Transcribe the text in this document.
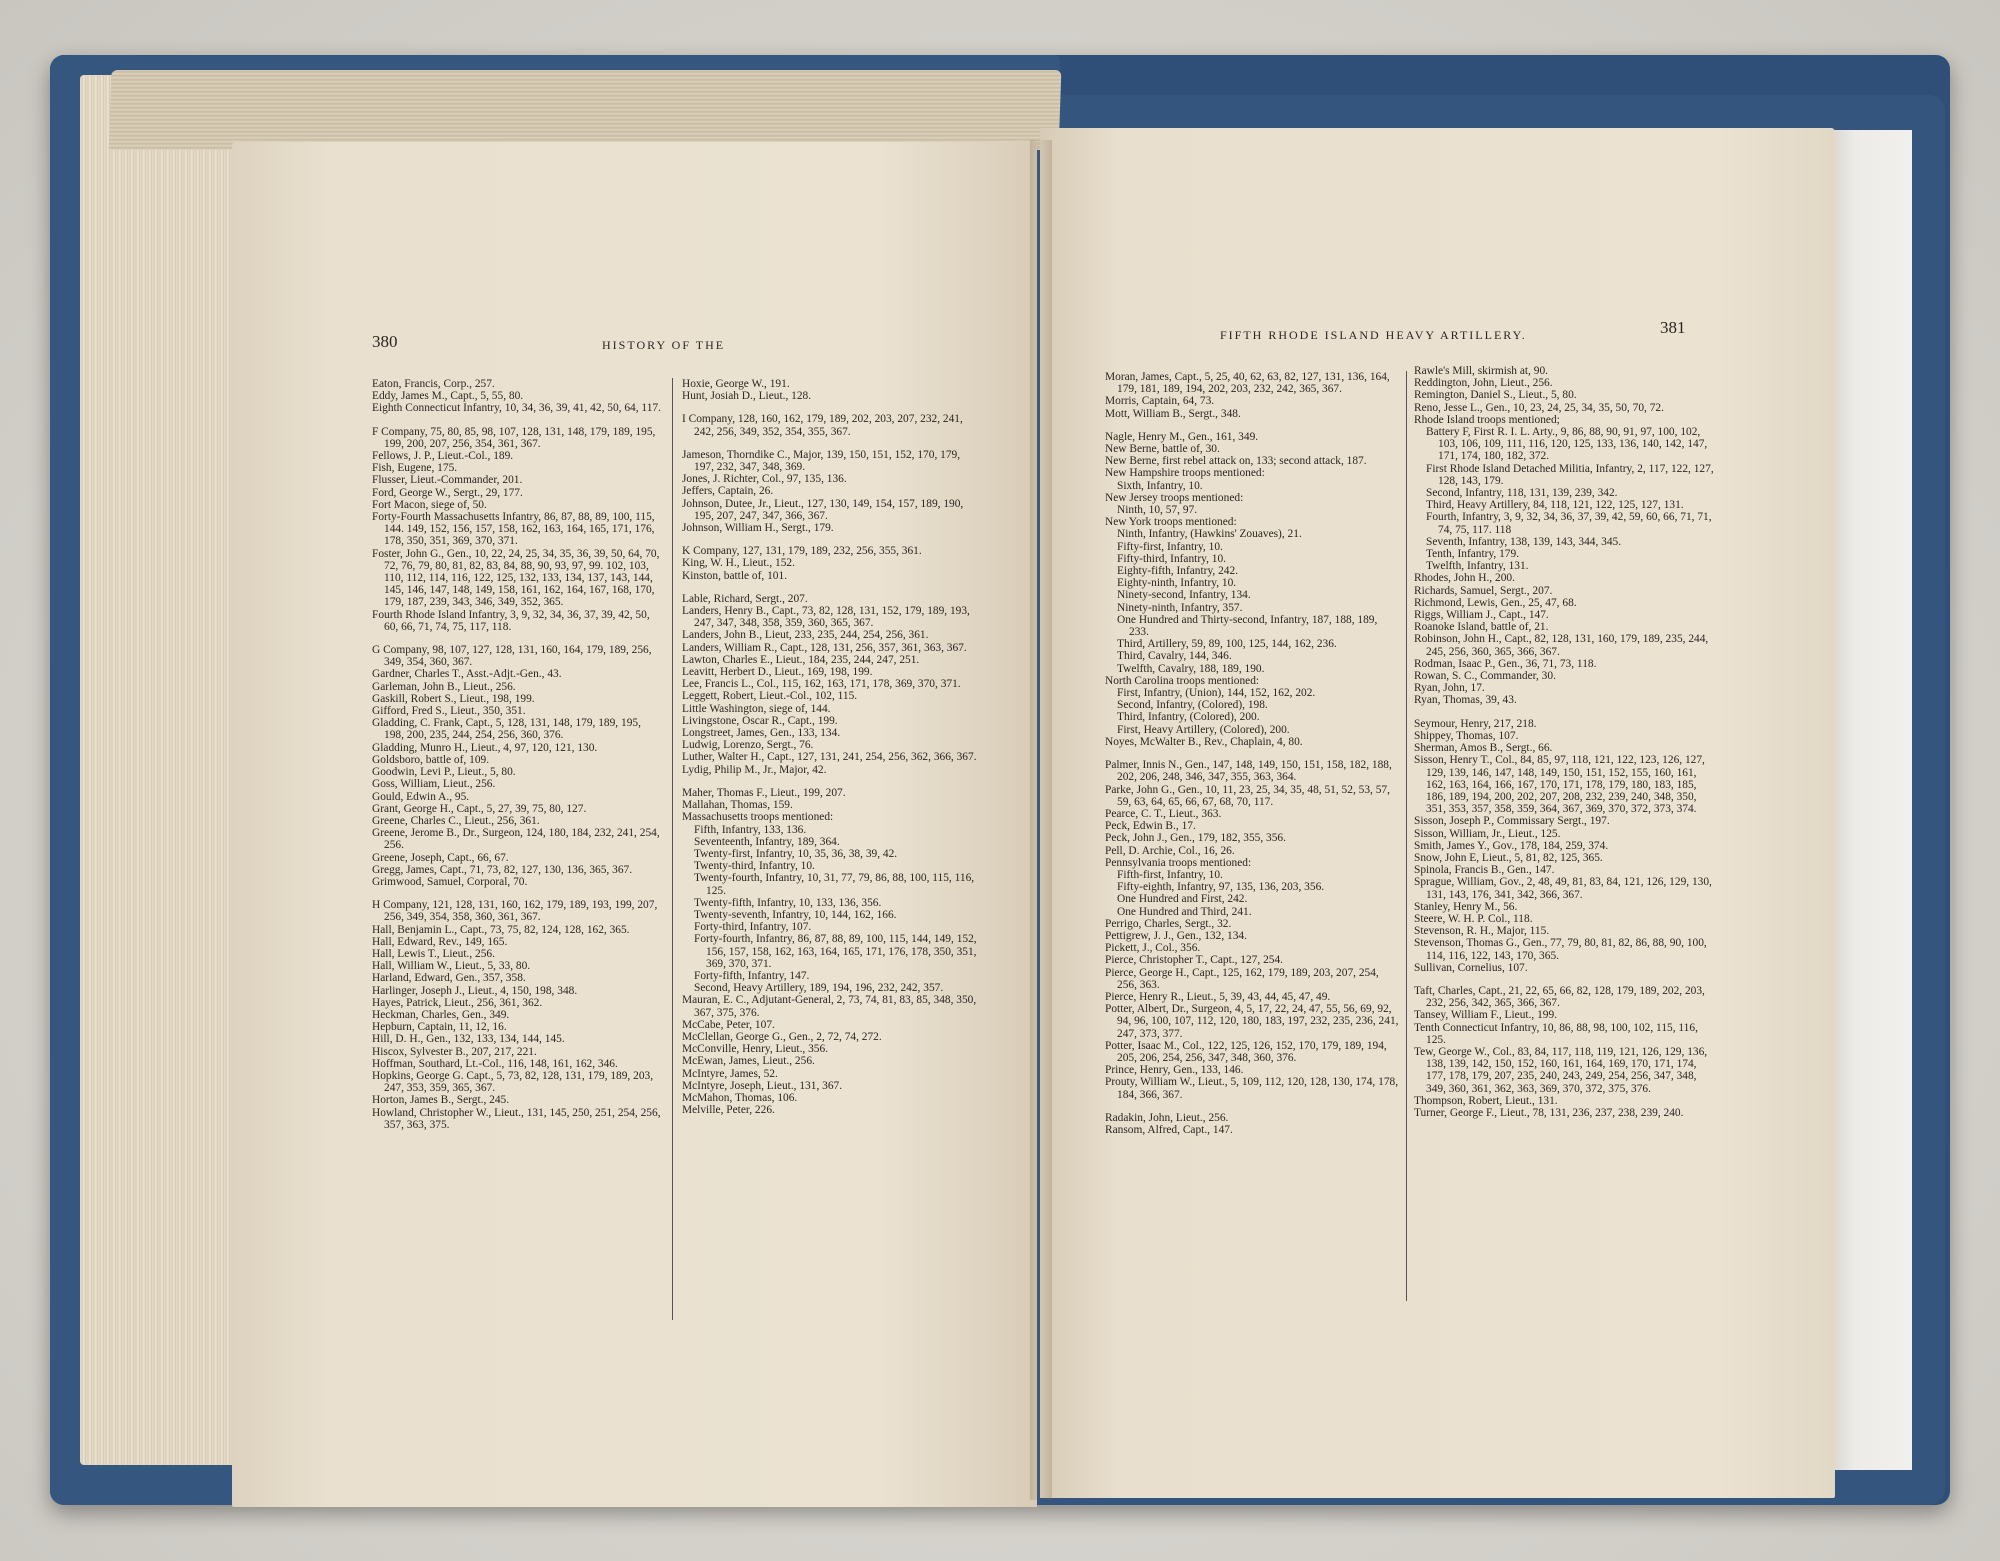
380	HISTORY OF THE
Eaton, Francis, Corp., 257.
Eddy, James M., Capt., 5, 55, 80.
Eighth Connecticut Infantry, 10, 34, 36, 39, 41, 42, 50, 64, 117.
F Company, 75, 80, 85, 98, 107, 128, 131, 148, 179, 189, 195, 199, 200, 207, 256, 354, 361, 367.
Fellows, J. P., Lieut.-Col., 189.
Fish, Eugene, 175.
Flusser, Lieut.-Commander, 201.
Ford, George W., Sergt., 29, 177.
Fort Macon, siege of, 50.
Forty-Fourth Massachusetts Infantry, 86, 87, 88, 89, 100, 115, 144. 149, 152, 156, 157, 158, 162, 163, 164, 165, 171, 176, 178, 350, 351, 369, 370, 371.
Foster, John G., Gen., 10, 22, 24, 25, 34, 35, 36, 39, 50, 64, 70, 72, 76, 79, 80, 81, 82, 83, 84, 88, 90, 93, 97, 99. 102, 103, 110, 112, 114, 116, 122, 125, 132, 133, 134, 137, 143, 144, 145, 146, 147, 148, 149, 158, 161, 162, 164, 167, 168, 170, 179, 187, 239, 343, 346, 349, 352, 365.
Fourth Rhode Island Infantry, 3, 9, 32, 34, 36, 37, 39, 42, 50, 60, 66, 71, 74, 75, 117, 118.
G Company, 98, 107, 127, 128, 131, 160, 164, 179, 189, 256, 349, 354, 360, 367.
Gardner, Charles T., Asst.-Adjt.-Gen., 43.
Garleman, John B., Lieut., 256.
Gaskill, Robert S., Lieut., 198, 199.
Gifford, Fred S., Lieut., 350, 351.
Gladding, C. Frank, Capt., 5, 128, 131, 148, 179, 189, 195, 198, 200, 235, 244, 254, 256, 360, 376.
Gladding, Munro H., Lieut., 4, 97, 120, 121, 130.
Goldsboro, battle of, 109.
Goodwin, Levi P., Lieut., 5, 80.
Goss, William, Lieut., 256.
Gould, Edwin A., 95.
Grant, George H., Capt., 5, 27, 39, 75, 80, 127.
Greene, Charles C., Lieut., 256, 361.
Greene, Jerome B., Dr., Surgeon, 124, 180, 184, 232, 241, 254, 256.
Greene, Joseph, Capt., 66, 67.
Gregg, James, Capt., 71, 73, 82, 127, 130, 136, 365, 367.
Grimwood, Samuel, Corporal, 70.
H Company, 121, 128, 131, 160, 162, 179, 189, 193, 199, 207, 256, 349, 354, 358, 360, 361, 367.
Hall, Benjamin L., Capt., 73, 75, 82, 124, 128, 162, 365.
Hall, Edward, Rev., 149, 165.
Hall, Lewis T., Lieut., 256.
Hall, William W., Lieut., 5, 33, 80.
Harland, Edward, Gen., 357, 358.
Harlinger, Joseph J., Lieut., 4, 150, 198, 348.
Hayes, Patrick, Lieut., 256, 361, 362.
Heckman, Charles, Gen., 349.
Hepburn, Captain, 11, 12, 16.
Hill, D. H., Gen., 132, 133, 134, 144, 145.
Hiscox, Sylvester B., 207, 217, 221.
Hoffman, Southard, Lt.-Col., 116, 148, 161, 162, 346.
Hopkins, George G. Capt., 5, 73, 82, 128, 131, 179, 189, 203, 247, 353, 359, 365, 367.
Horton, James B., Sergt., 245.
Howland, Christopher W., Lieut., 131, 145, 250, 251, 254, 256, 357, 363, 375.
Hoxie, George W., 191.
Hunt, Josiah D., Lieut., 128.
I Company, 128, 160, 162, 179, 189, 202, 203, 207, 232, 241, 242, 256, 349, 352, 354, 355, 367.
Jameson, Thorndike C., Major, 139, 150, 151, 152, 170, 179, 197, 232, 347, 348, 369.
Jones, J. Richter, Col., 97, 135, 136.
Jeffers, Captain, 26.
Johnson, Dutee, Jr., Lieut., 127, 130, 149, 154, 157, 189, 190, 195, 207, 247, 347, 366, 367.
Johnson, William H., Sergt., 179.
K Company, 127, 131, 179, 189, 232, 256, 355, 361.
King, W. H., Lieut., 152.
Kinston, battle of, 101.
Lable, Richard, Sergt., 207.
Landers, Henry B., Capt., 73, 82, 128, 131, 152, 179, 189, 193, 247, 347, 348, 358, 359, 360, 365, 367.
Landers, John B., Lieut, 233, 235, 244, 254, 256, 361.
Landers, William R., Capt., 128, 131, 256, 357, 361, 363, 367.
Lawton, Charles E., Lieut., 184, 235, 244, 247, 251.
Leavitt, Herbert D., Lieut., 169, 198, 199.
Lee, Francis L., Col., 115, 162, 163, 171, 178, 369, 370, 371.
Leggett, Robert, Lieut.-Col., 102, 115.
Little Washington, siege of, 144.
Livingstone, Oscar R., Capt., 199.
Longstreet, James, Gen., 133, 134.
Ludwig, Lorenzo, Sergt., 76.
Luther, Walter H., Capt., 127, 131, 241, 254, 256, 362, 366, 367.
Lydig, Philip M., Jr., Major, 42.
Maher, Thomas F., Lieut., 199, 207.
Mallahan, Thomas, 159.
Massachusetts troops mentioned:
Fifth, Infantry, 133, 136.
Seventeenth, Infantry, 189, 364.
Twenty-first, Infantry, 10, 35, 36, 38, 39, 42.
Twenty-third, Infantry, 10.
Twenty-fourth, Infantry, 10, 31, 77, 79, 86, 88, 100, 115, 116, 125.
Twenty-fifth, Infantry, 10, 133, 136, 356.
Twenty-seventh, Infantry, 10, 144, 162, 166.
Forty-third, Infantry, 107.
Forty-fourth, Infantry, 86, 87, 88, 89, 100, 115, 144, 149, 152, 156, 157, 158, 162, 163, 164, 165, 171, 176, 178, 350, 351, 369, 370, 371.
Forty-fifth, Infantry, 147.
Second, Heavy Artillery, 189, 194, 196, 232, 242, 357.
Mauran, E. C., Adjutant-General, 2, 73, 74, 81, 83, 85, 348, 350, 367, 375, 376.
McCabe, Peter, 107.
McClellan, George G., Gen., 2, 72, 74, 272.
McConville, Henry, Lieut., 356.
McEwan, James, Lieut., 256.
McIntyre, James, 52.
McIntyre, Joseph, Lieut., 131, 367.
McMahon, Thomas, 106.
Melville, Peter, 226.
FIFTH RHODE ISLAND HEAVY ARTILLERY.	381
Moran, James, Capt., 5, 25, 40, 62, 63, 82, 127, 131, 136, 164, 179, 181, 189, 194, 202, 203, 232, 242, 365, 367.
Morris, Captain, 64, 73.
Mott, William B., Sergt., 348.
Nagle, Henry M., Gen., 161, 349.
New Berne, battle of, 30.
New Berne, first rebel attack on, 133; second attack, 187.
New Hampshire troops mentioned:
Sixth, Infantry, 10.
New Jersey troops mentioned:
Ninth, 10, 57, 97.
New York troops mentioned:
Ninth, Infantry, (Hawkins' Zouaves), 21.
Fifty-first, Infantry, 10.
Fifty-third, Infantry, 10.
Eighty-fifth, Infantry, 242.
Eighty-ninth, Infantry, 10.
Ninety-second, Infantry, 134.
Ninety-ninth, Infantry, 357.
One Hundred and Thirty-second, Infantry, 187, 188, 189, 233.
Third, Artillery, 59, 89, 100, 125, 144, 162, 236.
Third, Cavalry, 144, 346.
Twelfth, Cavalry, 188, 189, 190.
North Carolina troops mentioned:
First, Infantry, (Union), 144, 152, 162, 202.
Second, Infantry, (Colored), 198.
Third, Infantry, (Colored), 200.
First, Heavy Artillery, (Colored), 200.
Noyes, McWalter B., Rev., Chaplain, 4, 80.
Palmer, Innis N., Gen., 147, 148, 149, 150, 151, 158, 182, 188, 202, 206, 248, 346, 347, 355, 363, 364.
Parke, John G., Gen., 10, 11, 23, 25, 34, 35, 48, 51, 52, 53, 57, 59, 63, 64, 65, 66, 67, 68, 70, 117.
Pearce, C. T., Lieut., 363.
Peck, Edwin B., 17.
Peck, John J., Gen., 179, 182, 355, 356.
Pell, D. Archie, Col., 16, 26.
Pennsylvania troops mentioned:
Fifth-first, Infantry, 10.
Fifty-eighth, Infantry, 97, 135, 136, 203, 356.
One Hundred and First, 242.
One Hundred and Third, 241.
Perrigo, Charles, Sergt., 32.
Pettigrew, J. J., Gen., 132, 134.
Pickett, J., Col., 356.
Pierce, Christopher T., Capt., 127, 254.
Pierce, George H., Capt., 125, 162, 179, 189, 203, 207, 254, 256, 363.
Pierce, Henry R., Lieut., 5, 39, 43, 44, 45, 47, 49.
Potter, Albert, Dr., Surgeon, 4, 5, 17, 22, 24, 47, 55, 56, 69, 92, 94, 96, 100, 107, 112, 120, 180, 183, 197, 232, 235, 236, 241, 247, 373, 377.
Potter, Isaac M., Col., 122, 125, 126, 152, 170, 179, 189, 194, 205, 206, 254, 256, 347, 348, 360, 376.
Prince, Henry, Gen., 133, 146.
Prouty, William W., Lieut., 5, 109, 112, 120, 128, 130, 174, 178, 184, 366, 367.
Radakin, John, Lieut., 256.
Ransom, Alfred, Capt., 147.
Rawle's Mill, skirmish at, 90.
Reddington, John, Lieut., 256.
Remington, Daniel S., Lieut., 5, 80.
Reno, Jesse L., Gen., 10, 23, 24, 25, 34, 35, 50, 70, 72.
Rhode Island troops mentioned;
Battery F, First R. I. L. Arty., 9, 86, 88, 90, 91, 97, 100, 102, 103, 106, 109, 111, 116, 120, 125, 133, 136, 140, 142, 147, 171, 174, 180, 182, 372.
First Rhode Island Detached Militia, Infantry, 2, 117, 122, 127, 128, 143, 179.
Second, Infantry, 118, 131, 139, 239, 342.
Third, Heavy Artillery, 84, 118, 121, 122, 125, 127, 131.
Fourth, Infantry, 3, 9, 32, 34, 36, 37, 39, 42, 59, 60, 66, 71, 71, 74, 75, 117. 118
Seventh, Infantry, 138, 139, 143, 344, 345.
Tenth, Infantry, 179.
Twelfth, Infantry, 131.
Rhodes, John H., 200.
Richards, Samuel, Sergt., 207.
Richmond, Lewis, Gen., 25, 47, 68.
Riggs, William J., Capt., 147.
Roanoke Island, battle of, 21.
Robinson, John H., Capt., 82, 128, 131, 160, 179, 189, 235, 244, 245, 256, 360, 365, 366, 367.
Rodman, Isaac P., Gen., 36, 71, 73, 118.
Rowan, S. C., Commander, 30.
Ryan, John, 17.
Ryan, Thomas, 39, 43.
Seymour, Henry, 217, 218.
Shippey, Thomas, 107.
Sherman, Amos B., Sergt., 66.
Sisson, Henry T., Col., 84, 85, 97, 118, 121, 122, 123, 126, 127, 129, 139, 146, 147, 148, 149, 150, 151, 152, 155, 160, 161, 162, 163, 164, 166, 167, 170, 171, 178, 179, 180, 183, 185, 186, 189, 194, 200, 202, 207, 208, 232, 239, 240, 348, 350, 351, 353, 357, 358, 359, 364, 367, 369, 370, 372, 373, 374.
Sisson, Joseph P., Commissary Sergt., 197.
Sisson, William, Jr., Lieut., 125.
Smith, James Y., Gov., 178, 184, 259, 374.
Snow, John E, Lieut., 5, 81, 82, 125, 365.
Spinola, Francis B., Gen., 147.
Sprague, William, Gov., 2, 48, 49, 81, 83, 84, 121, 126, 129, 130, 131, 143, 176, 341, 342, 366, 367.
Stanley, Henry M., 56.
Steere, W. H. P. Col., 118.
Stevenson, R. H., Major, 115.
Stevenson, Thomas G., Gen., 77, 79, 80, 81, 82, 86, 88, 90, 100, 114, 116, 122, 143, 170, 365.
Sullivan, Cornelius, 107.
Taft, Charles, Capt., 21, 22, 65, 66, 82, 128, 179, 189, 202, 203, 232, 256, 342, 365, 366, 367.
Tansey, William F., Lieut., 199.
Tenth Connecticut Infantry, 10, 86, 88, 98, 100, 102, 115, 116, 125.
Tew, George W., Col., 83, 84, 117, 118, 119, 121, 126, 129, 136, 138, 139, 142, 150, 152, 160, 161, 164, 169, 170, 171, 174, 177, 178, 179, 207, 235, 240, 243, 249, 254, 256, 347, 348, 349, 360, 361, 362, 363, 369, 370, 372, 375, 376.
Thompson, Robert, Lieut., 131.
Turner, George F., Lieut., 78, 131, 236, 237, 238, 239, 240.
